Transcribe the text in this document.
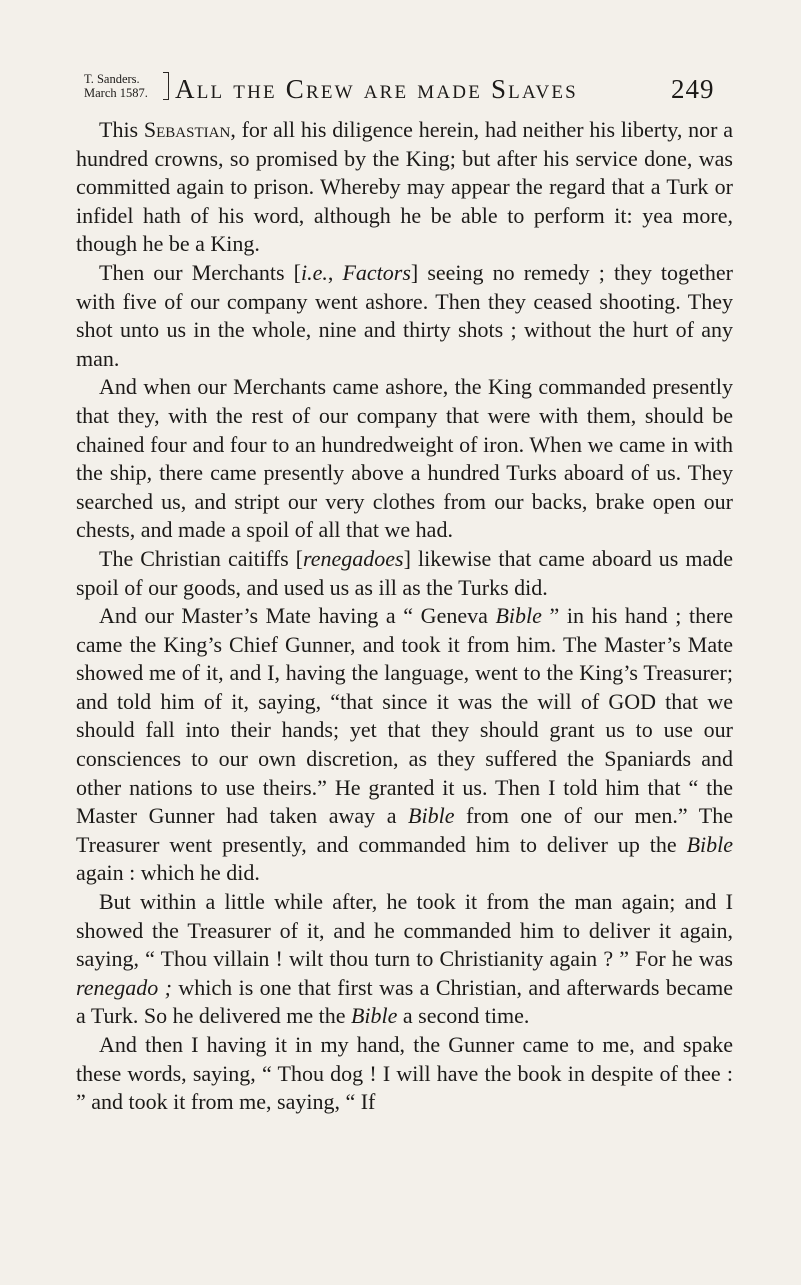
T. Sanders.
March 1587.	All the Crew are made Slaves	249

This Sebastian, for all his diligence herein, had neither his liberty, nor a hundred crowns, so promised by the King; but after his service done, was committed again to prison. Whereby may appear the regard that a Turk or infidel hath of his word, although he be able to perform it: yea more, though he be a King.

Then our Merchants [i.e., Factors] seeing no remedy ; they together with five of our company went ashore. Then they ceased shooting. They shot unto us in the whole, nine and thirty shots ; without the hurt of any man.

And when our Merchants came ashore, the King commanded presently that they, with the rest of our company that were with them, should be chained four and four to an hundredweight of iron. When we came in with the ship, there came presently above a hundred Turks aboard of us. They searched us, and stript our very clothes from our backs, brake open our chests, and made a spoil of all that we had.

The Christian caitiffs [renegadoes] likewise that came aboard us made spoil of our goods, and used us as ill as the Turks did.

And our Master’s Mate having a “ Geneva Bible ” in his hand ; there came the King’s Chief Gunner, and took it from him. The Master’s Mate showed me of it, and I, having the language, went to the King’s Treasurer; and told him of it, saying, “that since it was the will of GOD that we should fall into their hands; yet that they should grant us to use our consciences to our own discretion, as they suffered the Spaniards and other nations to use theirs.” He granted it us. Then I told him that “ the Master Gunner had taken away a Bible from one of our men.” The Treasurer went presently, and commanded him to deliver up the Bible again : which he did.

But within a little while after, he took it from the man again; and I showed the Treasurer of it, and he commanded him to deliver it again, saying, “ Thou villain ! wilt thou turn to Christianity again ? ” For he was renegado ; which is one that first was a Christian, and afterwards became a Turk. So he delivered me the Bible a second time.

And then I having it in my hand, the Gunner came to me, and spake these words, saying, “ Thou dog ! I will have the book in despite of thee : ” and took it from me, saying, “ If
